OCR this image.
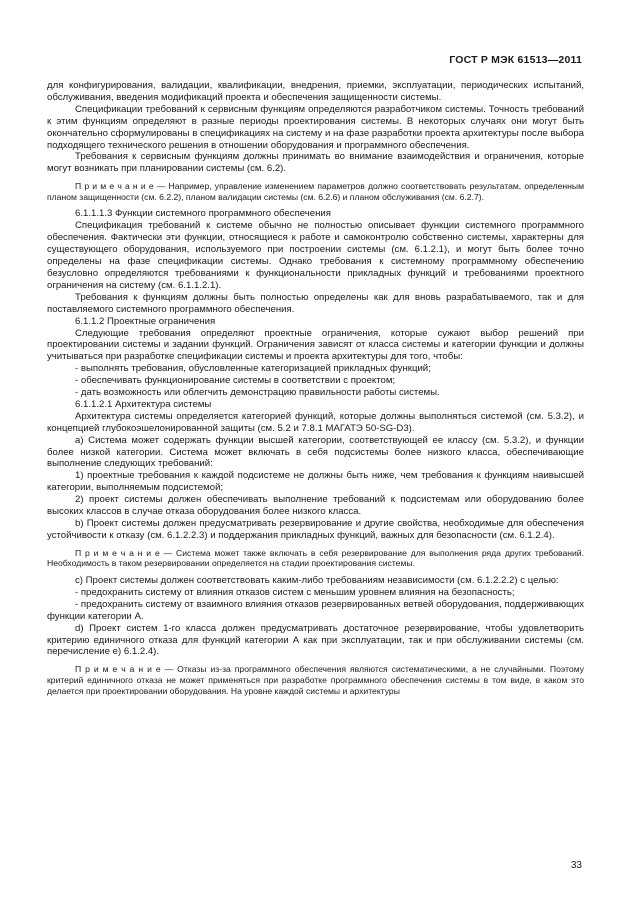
ГОСТ Р МЭК 61513—2011

для конфигурирования, валидации, квалификации, внедрения, приемки, эксплуатации, периодических испытаний, обслуживания, введения модификаций проекта и обеспечения защищенности системы.

Спецификации требований к сервисным функциям определяются разработчиком системы. Точность требований к этим функциям определяют в разные периоды проектирования системы. В некоторых случаях они могут быть окончательно сформулированы в спецификациях на систему и на фазе разработки проекта архитектуры после выбора подходящего технического решения в отношении оборудования и программного обеспечения.

Требования к сервисным функциям должны принимать во внимание взаимодействия и ограничения, которые могут возникать при планировании системы (см. 6.2).

П р и м е ч а н и е — Например, управление изменением параметров должно соответствовать результатам, определенным планом защищенности (см. 6.2.2), планом валидации системы (см. 6.2.6) и планом обслуживания (см. 6.2.7).

6.1.1.1.3 Функции системного программного обеспечения

Спецификация требований к системе обычно не полностью описывает функции системного программного обеспечения. Фактически эти функции, относящиеся к работе и самоконтролю собственно системы, характерны для существующего оборудования, используемого при построении системы (см. 6.1.2.1), и могут быть более точно определены на фазе спецификации системы. Однако требования к системному программному обеспечению безусловно определяются требованиями к функциональности прикладных функций и требованиями проектного ограничения на систему (см. 6.1.1.2.1).

Требования к функциям должны быть полностью определены как для вновь разрабатываемого, так и для поставляемого системного программного обеспечения.

6.1.1.2 Проектные ограничения

Следующие требования определяют проектные ограничения, которые сужают выбор решений при проектировании системы и задании функций. Ограничения зависят от класса системы и категории функции и должны учитываться при разработке спецификации системы и проекта архитектуры для того, чтобы:

- выполнять требования, обусловленные категоризацией прикладных функций;

- обеспечивать функционирование системы в соответствии с проектом;

- дать возможность или облегчить демонстрацию правильности работы системы.

6.1.1.2.1 Архитектура системы

Архитектура системы определяется категорией функций, которые должны выполняться системой (см. 5.3.2), и концепцией глубокоэшелонированной защиты (см. 5.2 и 7.8.1 МАГАТЭ 50-SG-D3).

a) Система может содержать функции высшей категории, соответствующей ее классу (см. 5.3.2), и функции более низкой категории. Система может включать в себя подсистемы более низкого класса, обеспечивающие выполнение следующих требований:

1) проектные требования к каждой подсистеме не должны быть ниже, чем требования к функциям наивысшей категории, выполняемым подсистемой;

2) проект системы должен обеспечивать выполнение требований к подсистемам или оборудованию более высоких классов в случае отказа оборудования более низкого класса.

b) Проект системы должен предусматривать резервирование и другие свойства, необходимые для обеспечения устойчивости к отказу (см. 6.1.2.2.3) и поддержания прикладных функций, важных для безопасности (см. 6.1.2.4).

П р и м е ч а н и е — Система может также включать в себя резервирование для выполнения ряда других требований. Необходимость в таком резервировании определяется на стадии проектирования системы.

c) Проект системы должен соответствовать каким-либо требованиям независимости (см. 6.1.2.2.2) с целью:

- предохранить систему от влияния отказов систем с меньшим уровнем влияния на безопасность;

- предохранить систему от взаимного влияния отказов резервированных ветвей оборудования, поддерживающих функции категории А.

d) Проект систем 1-го класса должен предусматривать достаточное резервирование, чтобы удовлетворить критерию единичного отказа для функций категории А как при эксплуатации, так и при обслуживании системы (см. перечисление е) 6.1.2.4).

П р и м е ч а н и е — Отказы из-за программного обеспечения являются систематическими, а не случайными. Поэтому критерий единичного отказа не может применяться при разработке программного обеспечения системы в том виде, в каком это делается при проектировании оборудования. На уровне каждой системы и архитектуры

33
